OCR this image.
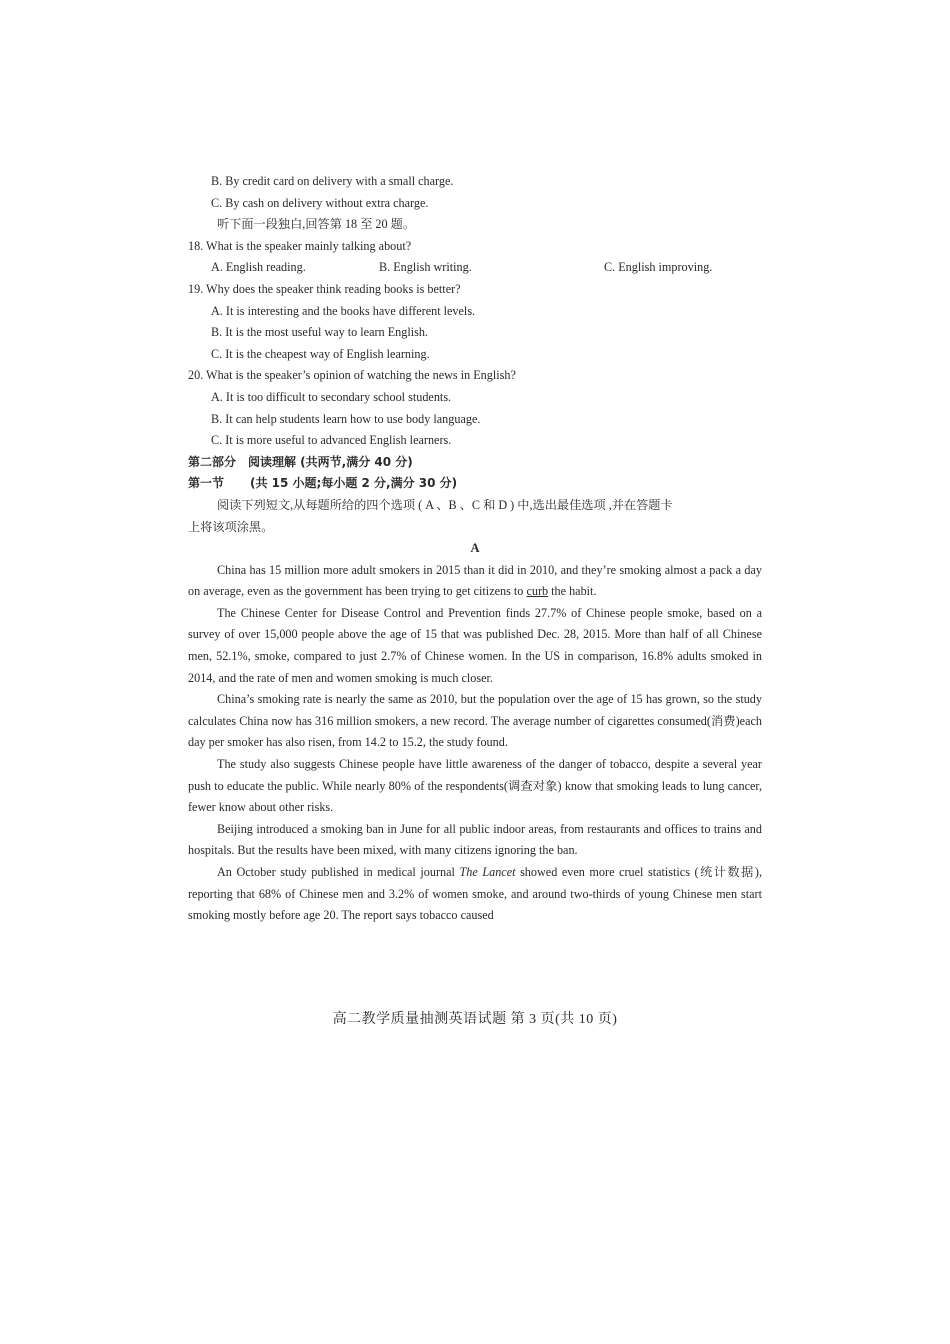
B. By credit card on delivery with a small charge.
C. By cash on delivery without extra charge.
听下面一段独白,回答第 18 至 20 题。
18. What is the speaker mainly talking about?
A. English reading.	B. English writing.	C. English improving.
19. Why does the speaker think reading books is better?
A. It is interesting and the books have different levels.
B. It is the most useful way to learn English.
C. It is the cheapest way of English learning.
20. What is the speaker’s opinion of watching the news in English?
A. It is too difficult to secondary school students.
B. It can help students learn how to use body language.
C. It is more useful to advanced English learners.
第二部分　阅读理解 (共两节,满分 40 分)
第一节 (共 15 小题;每小题 2 分,满分 30 分)
阅读下列短文,从每题所给的四个选项 ( A 、B 、C 和 D ) 中,选出最佳选项 ,并在答题卡
上将该项涂黑。
A
China has 15 million more adult smokers in 2015 than it did in 2010, and they’re smoking almost a pack a day on average, even as the government has been trying to get citizens to curb the habit.
The Chinese Center for Disease Control and Prevention finds 27.7% of Chinese people smoke, based on a survey of over 15,000 people above the age of 15 that was published Dec. 28, 2015. More than half of all Chinese men, 52.1%, smoke, compared to just 2.7% of Chinese women. In the US in comparison, 16.8% adults smoked in 2014, and the rate of men and women smoking is much closer.
China’s smoking rate is nearly the same as 2010, but the population over the age of 15 has grown, so the study calculates China now has 316 million smokers, a new record. The average number of cigarettes consumed(消费)each day per smoker has also risen, from 14.2 to 15.2, the study found.
The study also suggests Chinese people have little awareness of the danger of tobacco, despite a several year push to educate the public. While nearly 80% of the respondents(调查对象) know that smoking leads to lung cancer, fewer know about other risks.
Beijing introduced a smoking ban in June for all public indoor areas, from restaurants and offices to trains and hospitals. But the results have been mixed, with many citizens ignoring the ban.
An October study published in medical journal The Lancet showed even more cruel statistics (统计数据), reporting that 68% of Chinese men and 3.2% of women smoke, and around two-thirds of young Chinese men start smoking mostly before age 20. The report says tobacco caused
高二教学质量抽测英语试题 第 3 页(共 10 页)
